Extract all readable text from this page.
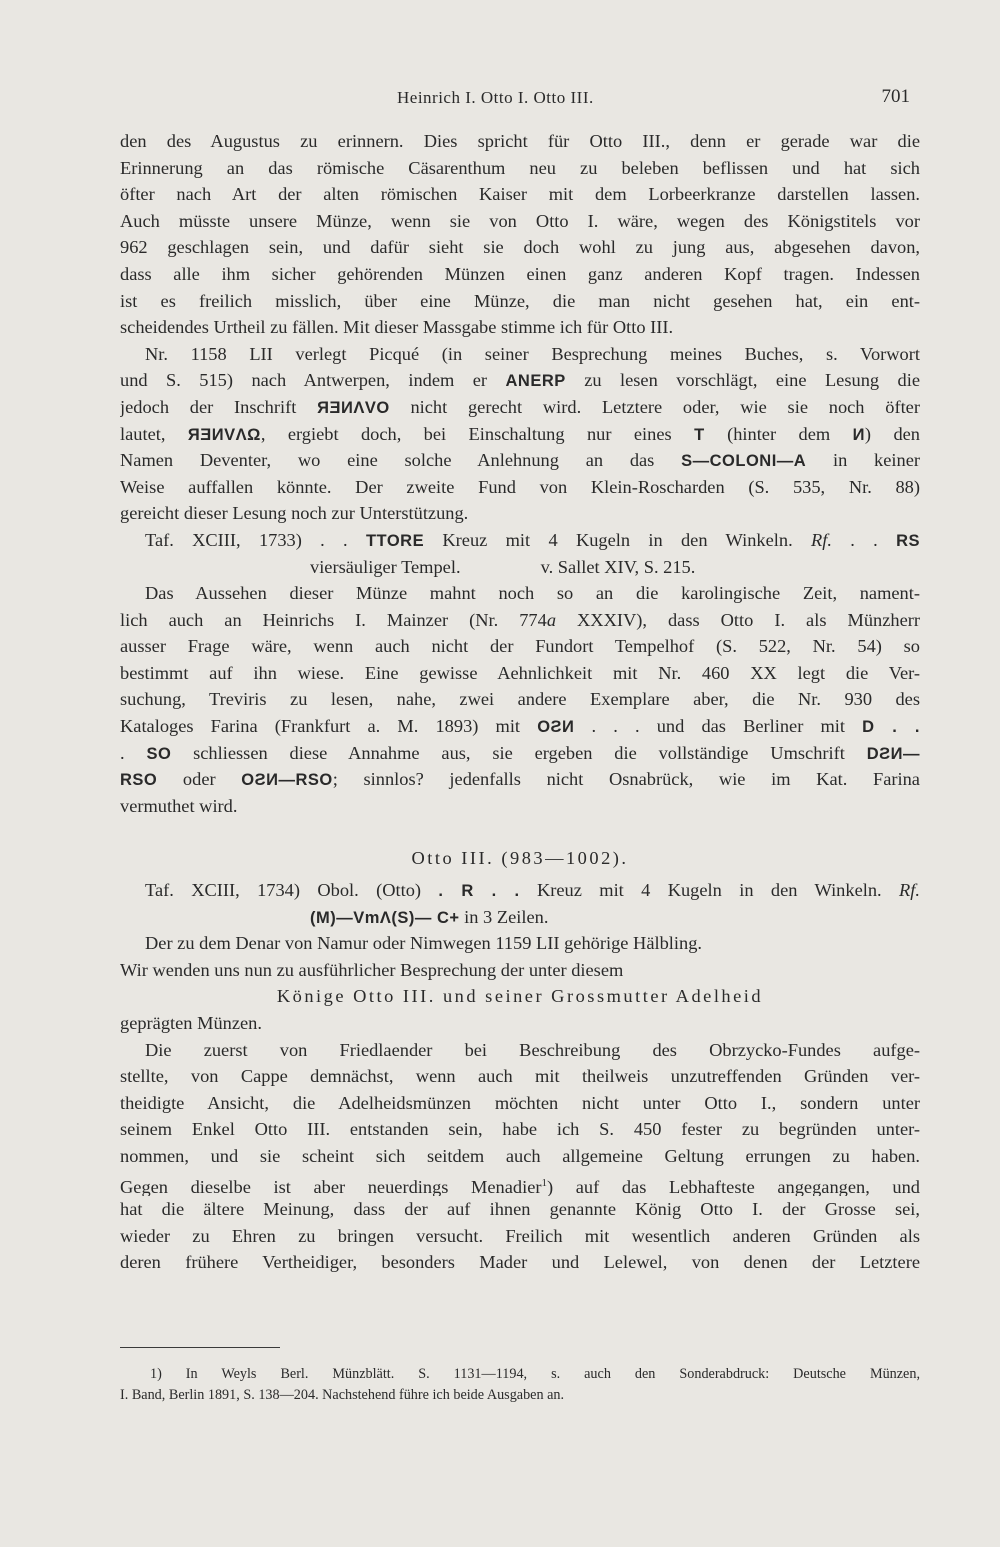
Heinrich I. Otto I. Otto III.	701
den des Augustus zu erinnern. Dies spricht für Otto III., denn er gerade war die
Erinnerung an das römische Cäsarenthum neu zu beleben beflissen und hat sich
öfter nach Art der alten römischen Kaiser mit dem Lorbeerkranze darstellen lassen.
Auch müsste unsere Münze, wenn sie von Otto I. wäre, wegen des Königstitels vor
962 geschlagen sein, und dafür sieht sie doch wohl zu jung aus, abgesehen davon,
dass alle ihm sicher gehörenden Münzen einen ganz anderen Kopf tragen. Indessen
ist es freilich misslich, über eine Münze, die man nicht gesehen hat, ein ent-
scheidendes Urtheil zu fällen. Mit dieser Massgabe stimme ich für Otto III.
Nr. 1158 LII verlegt Picqué (in seiner Besprechung meines Buches, s. Vorwort
und S. 515) nach Antwerpen, indem er ANERP zu lesen vorschlägt, eine Lesung die
jedoch der Inschrift ЯƎИΛVO nicht gerecht wird. Letztere oder, wie sie noch öfter
lautet, ЯƎИVΛΩ, ergiebt doch, bei Einschaltung nur eines T (hinter dem И) den
Namen Deventer, wo eine solche Anlehnung an das S—COLONI—A in keiner
Weise auffallen könnte. Der zweite Fund von Klein-Roscharden (S. 535, Nr. 88)
gereicht dieser Lesung noch zur Unterstützung.
Taf. XCIII, 1733) . . TTORE Kreuz mit 4 Kugeln in den Winkeln. Rf. . . RS
viersäuliger Tempel.	v. Sallet XIV, S. 215.
Das Aussehen dieser Münze mahnt noch so an die karolingische Zeit, nament-
lich auch an Heinrichs I. Mainzer (Nr. 774a XXXIV), dass Otto I. als Münzherr
ausser Frage wäre, wenn auch nicht der Fundort Tempelhof (S. 522, Nr. 54) so
bestimmt auf ihn wiese. Eine gewisse Aehnlichkeit mit Nr. 460 XX legt die Ver-
suchung, Treviris zu lesen, nahe, zwei andere Exemplare aber, die Nr. 930 des
Kataloges Farina (Frankfurt a. M. 1893) mit OƧИ . . . und das Berliner mit D . .
. SO schliessen diese Annahme aus, sie ergeben die vollständige Umschrift DƧИ—
RSO oder OƧИ—RSO; sinnlos? jedenfalls nicht Osnabrück, wie im Kat. Farina
vermuthet wird.
Otto III. (983—1002).
Taf. XCIII, 1734) Obol. (Otto) . R . . Kreuz mit 4 Kugeln in den Winkeln. Rf.
(M)—VmΛ(S)— C+ in 3 Zeilen.
Der zu dem Denar von Namur oder Nimwegen 1159 LII gehörige Hälbling.
Wir wenden uns nun zu ausführlicher Besprechung der unter diesem
Könige Otto III. und seiner Grossmutter Adelheid
geprägten Münzen.
Die zuerst von Friedlaender bei Beschreibung des Obrzycko-Fundes aufge-
stellte, von Cappe demnächst, wenn auch mit theilweis unzutreffenden Gründen ver-
theidigte Ansicht, die Adelheidsmünzen möchten nicht unter Otto I., sondern unter
seinem Enkel Otto III. entstanden sein, habe ich S. 450 fester zu begründen unter-
nommen, und sie scheint sich seitdem auch allgemeine Geltung errungen zu haben.
Gegen dieselbe ist aber neuerdings Menadier$^1$) auf das Lebhafteste angegangen, und
hat die ältere Meinung, dass der auf ihnen genannte König Otto I. der Grosse sei,
wieder zu Ehren zu bringen versucht. Freilich mit wesentlich anderen Gründen als
deren frühere Vertheidiger, besonders Mader und Lelewel, von denen der Letztere
1) In Weyls Berl. Münzblätt. S. 1131—1194, s. auch den Sonderabdruck: Deutsche Münzen,
I. Band, Berlin 1891, S. 138—204. Nachstehend führe ich beide Ausgaben an.
